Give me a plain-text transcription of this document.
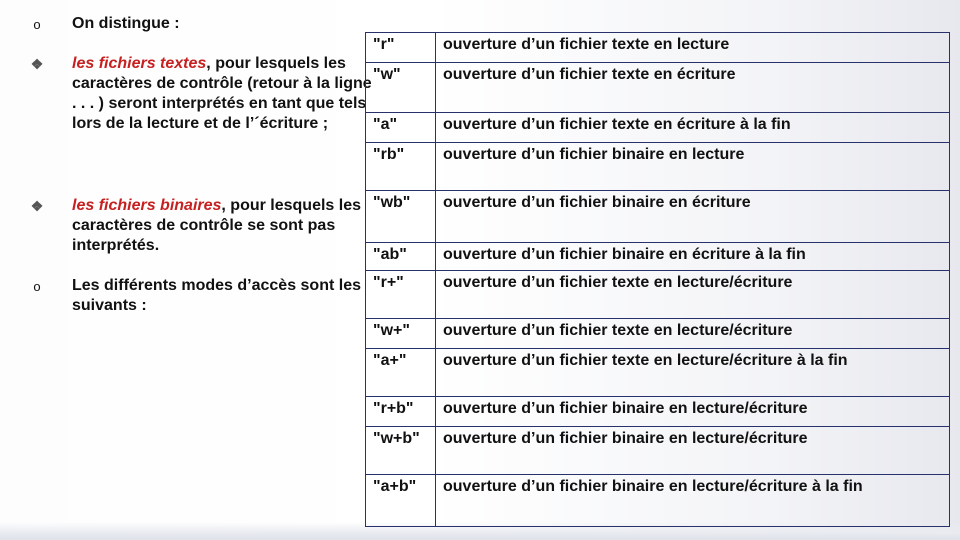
o On distingue :
❖ les fichiers textes, pour lesquels les caractères de contrôle (retour à la ligne . . . ) seront interprétés en tant que tels lors de la lecture et de l’´écriture ;
❖ les fichiers binaires, pour lesquels les caractères de contrôle se sont pas interprétés.
o Les différents modes d’accès sont les suivants :
"r"	ouverture d’un fichier texte en lecture
"w"	ouverture d’un fichier texte en écriture
"a"	ouverture d’un fichier texte en écriture à la fin
"rb"	ouverture d’un fichier binaire en lecture
"wb"	ouverture d’un fichier binaire en écriture
"ab"	ouverture d’un fichier binaire en écriture à la fin
"r+"	ouverture d’un fichier texte en lecture/écriture
"w+"	ouverture d’un fichier texte en lecture/écriture
"a+"	ouverture d’un fichier texte en lecture/écriture à la fin
"r+b"	ouverture d’un fichier binaire en lecture/écriture
"w+b"	ouverture d’un fichier binaire en lecture/écriture
"a+b"	ouverture d’un fichier binaire en lecture/écriture à la fin
